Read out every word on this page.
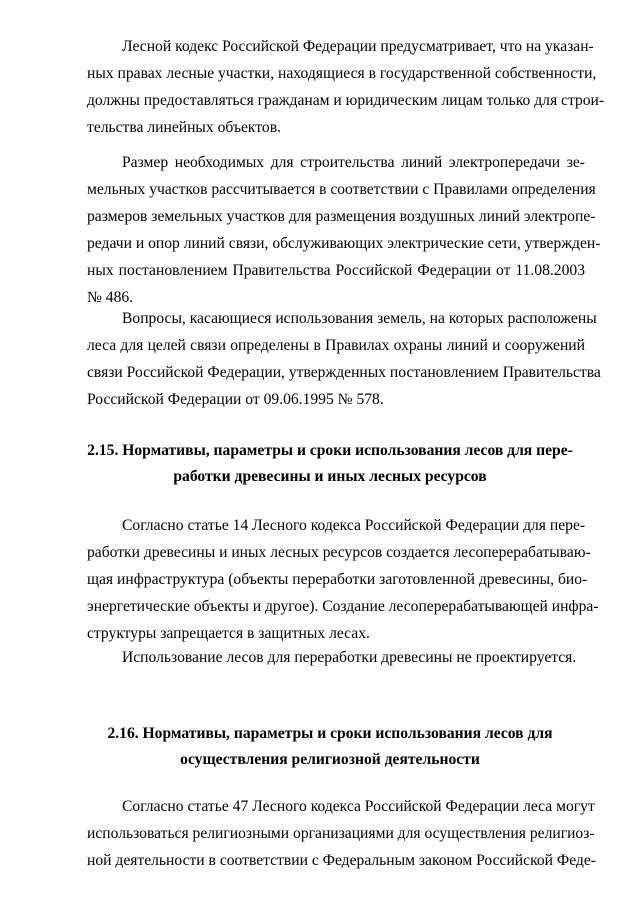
Лесной кодекс Российской Федерации предусматривает, что на указан-
ных правах лесные участки, находящиеся в государственной собственности,
должны предоставляться гражданам и юридическим лицам только для строи-
тельства линейных объектов.
Размер необходимых для строительства линий электропередачи зе-
мельных участков рассчитывается в соответствии с Правилами определения
размеров земельных участков для размещения воздушных линий электропе-
редачи и опор линий связи, обслуживающих электрические сети, утвержден-
ных постановлением Правительства Российской Федерации от 11.08.2003
№ 486.
Вопросы, касающиеся использования земель, на которых расположены
леса для целей связи определены в Правилах охраны линий и сооружений
связи Российской Федерации, утвержденных постановлением Правительства
Российской Федерации от 09.06.1995 № 578.
2.15. Нормативы, параметры и сроки использования лесов для пере-
работки древесины и иных лесных ресурсов
Согласно статье 14 Лесного кодекса Российской Федерации для пере-
работки древесины и иных лесных ресурсов создается лесоперерабатываю-
щая инфраструктура (объекты переработки заготовленной древесины, био-
энергетические объекты и другое). Создание лесоперерабатывающей инфра-
структуры запрещается в защитных лесах.
Использование лесов для переработки древесины не проектируется.
2.16. Нормативы, параметры и сроки использования лесов для
осуществления религиозной деятельности
Согласно статье 47 Лесного кодекса Российской Федерации леса могут
использоваться религиозными организациями для осуществления религиоз-
ной деятельности в соответствии с Федеральным законом Российской Феде-
